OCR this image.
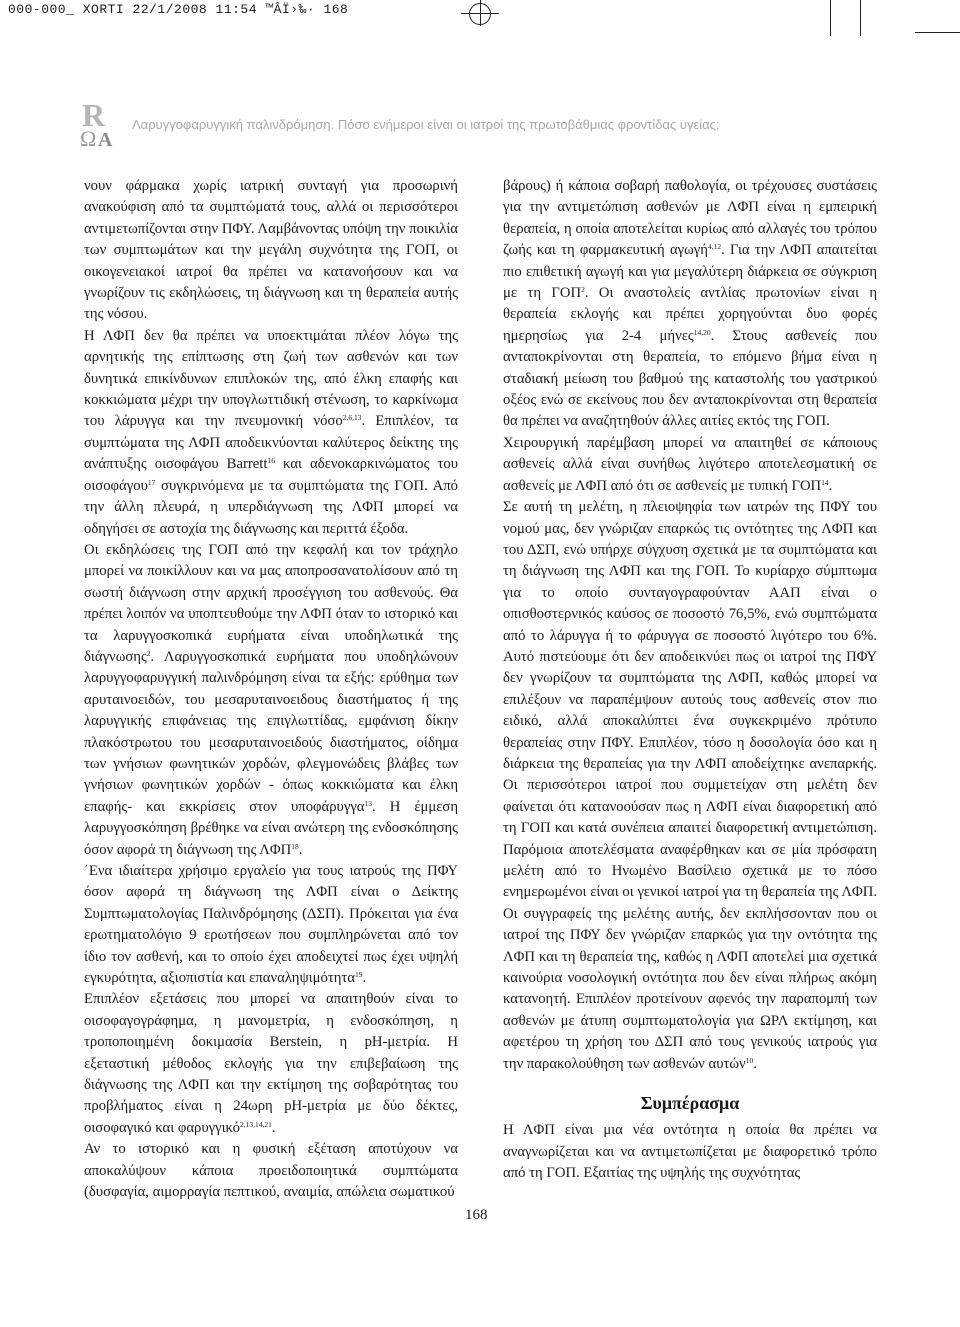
000-000_ XORTI 22/1/2008 11:54 ™ÂÏ›‰· 168
R
Ω A
Λαρυγγοφαρυγγική παλινδρόμηση. Πόσο ενήμεροι είναι οι ιατροί της πρωτοβάθμιας φροντίδας υγείας;

νουν φάρμακα χωρίς ιατρική συνταγή για προσωρινή ανακούφιση από τα συμπτώματά τους, αλλά οι περισσότεροι αντιμετωπίζονται στην ΠΦΥ. Λαμβάνοντας υπόψη την ποικιλία των συμπτωμάτων και την μεγάλη συχνότητα της ΓΟΠ, οι οικογενειακοί ιατροί θα πρέπει να κατανοήσουν και να γνωρίζουν τις εκδηλώσεις, τη διάγνωση και τη θεραπεία αυτής της νόσου.

Η ΛΦΠ δεν θα πρέπει να υποεκτιμάται πλέον λόγω της αρνητικής της επίπτωσης στη ζωή των ασθενών και των δυνητικά επικίνδυνων επιπλοκών της, από έλκη επαφής και κοκκιώματα μέχρι την υπογλωττιδική στένωση, το καρκίνωμα του λάρυγγα και την πνευμονική νόσο$^{2,6,13}$. Επιπλέον, τα συμπτώματα της ΛΦΠ αποδεικνύονται καλύτερος δείκτης της ανάπτυξης οισοφάγου Barrett$^{16}$ και αδενοκαρκινώματος του οισοφάγου$^{17}$ συγκρινόμενα με τα συμπτώματα της ΓΟΠ. Από την άλλη πλευρά, η υπερδιάγνωση της ΛΦΠ μπορεί να οδηγήσει σε αστοχία της διάγνωσης και περιττά έξοδα.

Οι εκδηλώσεις της ΓΟΠ από την κεφαλή και τον τράχηλο μπορεί να ποικίλλουν και να μας αποπροσανατολίσουν από τη σωστή διάγνωση στην αρχική προσέγγιση του ασθενούς. Θα πρέπει λοιπόν να υποπτευθούμε την ΛΦΠ όταν το ιστορικό και τα λαρυγγοσκοπικά ευρήματα είναι υποδηλωτικά της διάγνωσης$^2$. Λαρυγγοσκοπικά ευρήματα που υποδηλώνουν λαρυγγοφαρυγγική παλινδρόμηση είναι τα εξής: ερύθημα των αρυταινοειδών, του μεσαρυταινοειδους διαστήματος ή της λαρυγγικής επιφάνειας της επιγλωττίδας, εμφάνιση δίκην πλακόστρωτου του μεσαρυταινοειδούς διαστήματος, οίδημα των γνήσιων φωνητικών χορδών, φλεγμονώδεις βλάβες των γνήσιων φωνητικών χορδών - όπως κοκκιώματα και έλκη επαφής- και εκκρίσεις στον υποφάρυγγα$^{13}$. Η έμμεση λαρυγγοσκόπηση βρέθηκε να είναι ανώτερη της ενδοσκόπησης όσον αφορά τη διάγνωση της ΛΦΠ$^{18}$.

΄Ενα ιδιαίτερα χρήσιμο εργαλείο για τους ιατρούς της ΠΦΥ όσον αφορά τη διάγνωση της ΛΦΠ είναι ο Δείκτης Συμπτωματολογίας Παλινδρόμησης (ΔΣΠ). Πρόκειται για ένα ερωτηματολόγιο 9 ερωτήσεων που συμπληρώνεται από τον ίδιο τον ασθενή, και το οποίο έχει αποδειχτεί πως έχει υψηλή εγκυρότητα, αξιοπιστία και επαναληψιμότητα$^{19}$.

Επιπλέον εξετάσεις που μπορεί να απαιτηθούν είναι το οισοφαγογράφημα, η μανομετρία, η ενδοσκόπηση, η τροποποιημένη δοκιμασία Berstein, η pH-μετρία. Η εξεταστική μέθοδος εκλογής για την επιβεβαίωση της διάγνωσης της ΛΦΠ και την εκτίμηση της σοβαρότητας του προβλήματος είναι η 24ωρη pH-μετρία με δύο δέκτες, οισοφαγικό και φαρυγγικό$^{2,13,14,21}$.

Αν το ιστορικό και η φυσική εξέταση αποτύχουν να αποκαλύψουν κάποια προειδοποιητικά συμπτώματα (δυσφαγία, αιμορραγία πεπτικού, αναιμία, απώλεια σωματικού

βάρους) ή κάποια σοβαρή παθολογία, οι τρέχουσες συστάσεις για την αντιμετώπιση ασθενών με ΛΦΠ είναι η εμπειρική θεραπεία, η οποία αποτελείται κυρίως από αλλαγές του τρόπου ζωής και τη φαρμακευτική αγωγή$^{4,12}$. Για την ΛΦΠ απαιτείται πιο επιθετική αγωγή και για μεγαλύτερη διάρκεια σε σύγκριση με τη ΓΟΠ$^2$. Οι αναστολείς αντλίας πρωτονίων είναι η θεραπεία εκλογής και πρέπει χορηγούνται δυο φορές ημερησίως για 2-4 μήνες$^{14,20}$. Στους ασθενείς που ανταποκρίνονται στη θεραπεία, το επόμενο βήμα είναι η σταδιακή μείωση του βαθμού της καταστολής του γαστρικού οξέος ενώ σε εκείνους που δεν ανταποκρίνονται στη θεραπεία θα πρέπει να αναζητηθούν άλλες αιτίες εκτός της ΓΟΠ.

Χειρουργική παρέμβαση μπορεί να απαιτηθεί σε κάποιους ασθενείς αλλά είναι συνήθως λιγότερο αποτελεσματική σε ασθενείς με ΛΦΠ από ότι σε ασθενείς με τυπική ΓΟΠ$^{14}$.

Σε αυτή τη μελέτη, η πλειοψηφία των ιατρών της ΠΦΥ του νομού μας, δεν γνώριζαν επαρκώς τις οντότητες της ΛΦΠ και του ΔΣΠ, ενώ υπήρχε σύγχυση σχετικά με τα συμπτώματα και τη διάγνωση της ΛΦΠ και της ΓΟΠ. Το κυρίαρχο σύμπτωμα για το οποίο συνταγογραφούνταν ΑΑΠ είναι ο οπισθοστερνικός καύσος σε ποσοστό 76,5%, ενώ συμπτώματα από το λάρυγγα ή το φάρυγγα σε ποσοστό λιγότερο του 6%. Αυτό πιστεύουμε ότι δεν αποδεικνύει πως οι ιατροί της ΠΦΥ δεν γνωρίζουν τα συμπτώματα της ΛΦΠ, καθώς μπορεί να επιλέξουν να παραπέμψουν αυτούς τους ασθενείς στον πιο ειδικό, αλλά αποκαλύπτει ένα συγκεκριμένο πρότυπο θεραπείας στην ΠΦΥ. Επιπλέον, τόσο η δοσολογία όσο και η διάρκεια της θεραπείας για την ΛΦΠ αποδείχτηκε ανεπαρκής. Οι περισσότεροι ιατροί που συμμετείχαν στη μελέτη δεν φαίνεται ότι κατανοούσαν πως η ΛΦΠ είναι διαφορετική από τη ΓΟΠ και κατά συνέπεια απαιτεί διαφορετική αντιμετώπιση. Παρόμοια αποτελέσματα αναφέρθηκαν και σε μία πρόσφατη μελέτη από το Ηνωμένο Βασίλειο σχετικά με το πόσο ενημερωμένοι είναι οι γενικοί ιατροί για τη θεραπεία της ΛΦΠ. Οι συγγραφείς της μελέτης αυτής, δεν εκπλήσσονταν που οι ιατροί της ΠΦΥ δεν γνώριζαν επαρκώς για την οντότητα της ΛΦΠ και τη θεραπεία της, καθώς η ΛΦΠ αποτελεί μια σχετικά καινούρια νοσολογική οντότητα που δεν είναι πλήρως ακόμη κατανοητή. Επιπλέον προτείνουν αφενός την παραπομπή των ασθενών με άτυπη συμπτωματολογία για ΩΡΛ εκτίμηση, και αφετέρου τη χρήση του ΔΣΠ από τους γενικούς ιατρούς για την παρακολούθηση των ασθενών αυτών$^{10}$.

Συμπέρασμα

Η ΛΦΠ είναι μια νέα οντότητα η οποία θα πρέπει να αναγνωρίζεται και να αντιμετωπίζεται με διαφορετικό τρόπο από τη ΓΟΠ. Εξαιτίας της υψηλής της συχνότητας

168
